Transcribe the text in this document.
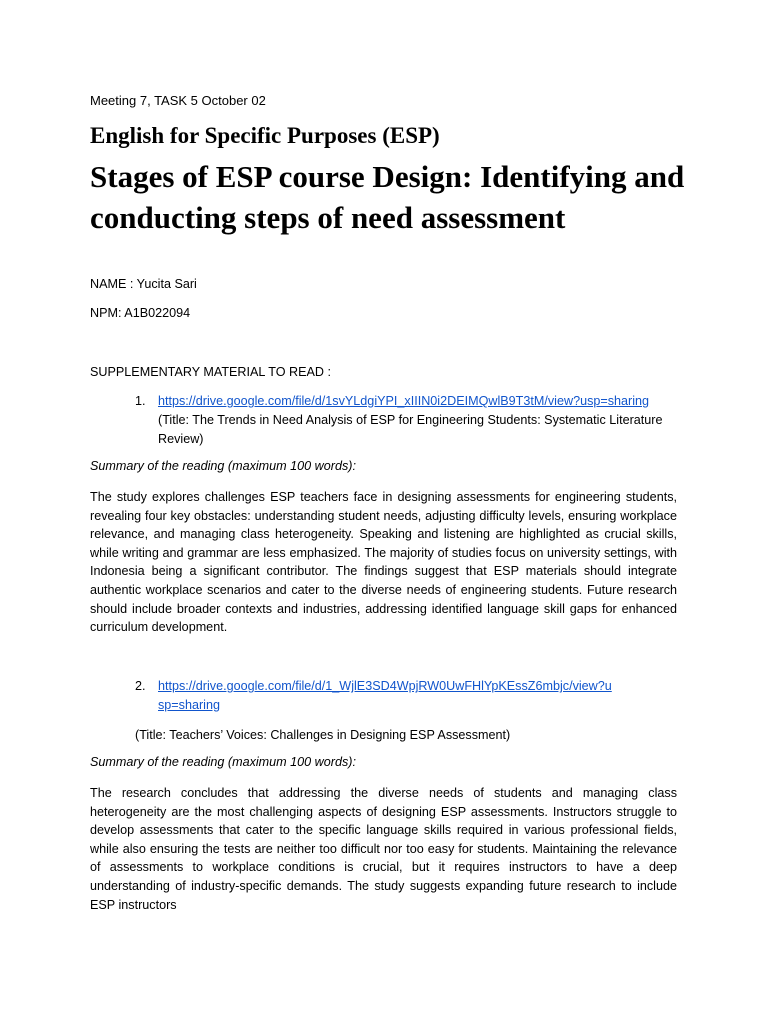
Meeting 7, TASK 5 October 02
English for Specific Purposes (ESP)
Stages of ESP course Design: Identifying and conducting steps of need assessment
NAME : Yucita Sari
NPM: A1B022094
SUPPLEMENTARY MATERIAL TO READ :
1. https://drive.google.com/file/d/1svYLdgiYPI_xIIIN0i2DEIMQwlB9T3tM/view?usp=sharing
(Title: The Trends in Need Analysis of ESP for Engineering Students: Systematic Literature Review)
Summary of the reading (maximum 100 words):
The study explores challenges ESP teachers face in designing assessments for engineering students, revealing four key obstacles: understanding student needs, adjusting difficulty levels, ensuring workplace relevance, and managing class heterogeneity. Speaking and listening are highlighted as crucial skills, while writing and grammar are less emphasized. The majority of studies focus on university settings, with Indonesia being a significant contributor. The findings suggest that ESP materials should integrate authentic workplace scenarios and cater to the diverse needs of engineering students. Future research should include broader contexts and industries, addressing identified language skill gaps for enhanced curriculum development.
2. https://drive.google.com/file/d/1_WjlE3SD4WpjRW0UwFHlYpKEssZ6mbjc/view?usp=sharing
(Title: Teachers’ Voices: Challenges in Designing ESP Assessment)
Summary of the reading (maximum 100 words):
The research concludes that addressing the diverse needs of students and managing class heterogeneity are the most challenging aspects of designing ESP assessments. Instructors struggle to develop assessments that cater to the specific language skills required in various professional fields, while also ensuring the tests are neither too difficult nor too easy for students. Maintaining the relevance of assessments to workplace conditions is crucial, but it requires instructors to have a deep understanding of industry-specific demands. The study suggests expanding future research to include ESP instructors
